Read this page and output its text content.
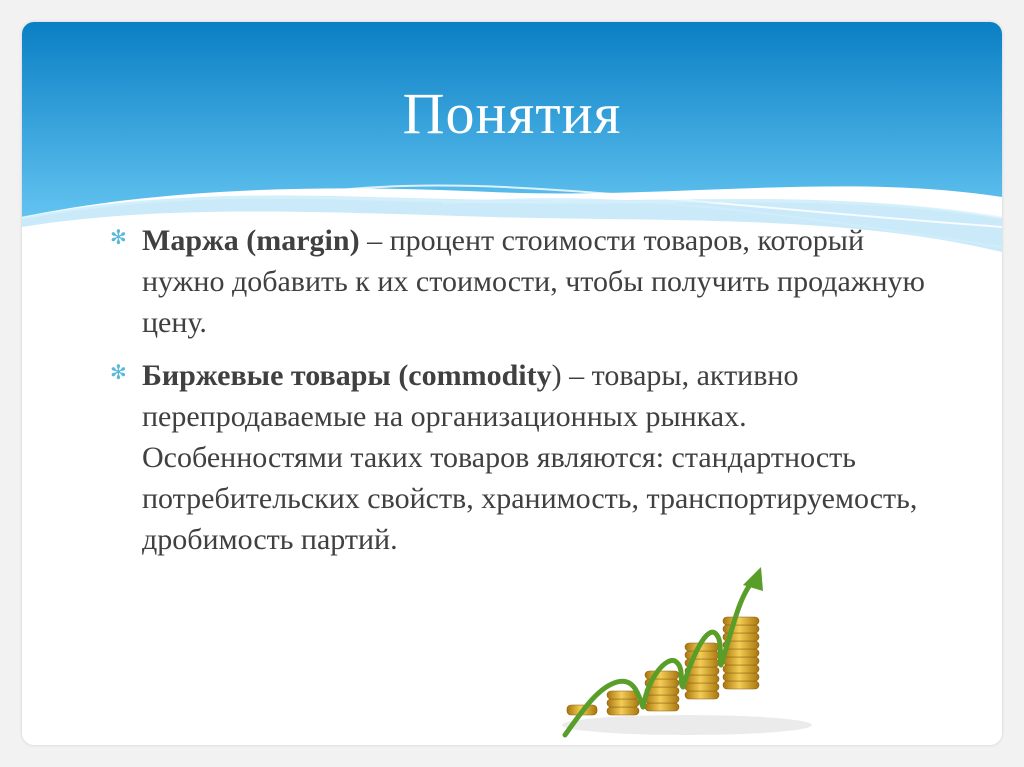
Понятия
✻ Маржа (margin) – процент стоимости товаров, который нужно добавить к их стоимости, чтобы получить продажную цену.
✻ Биржевые товары (commodity) – товары, активно перепродаваемые на организационных рынках. Особенностями таких товаров являются: стандартность потребительских свойств, хранимость, транспортируемость, дробимость партий.
